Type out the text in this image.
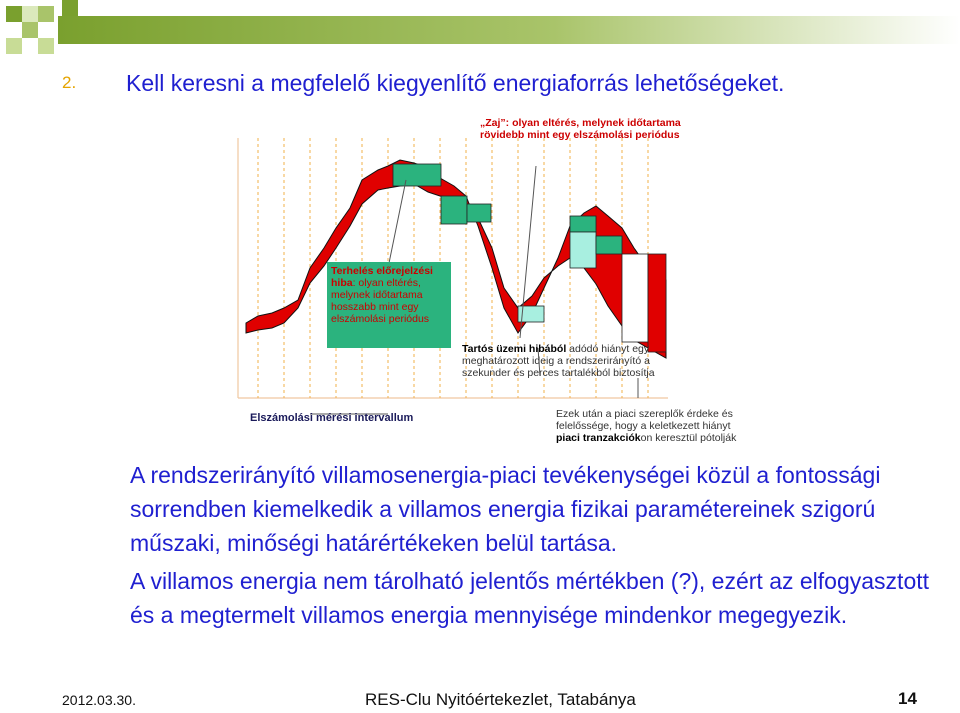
2.	Kell keresni a megfelelő kiegyenlítő energiaforrás lehetőségeket.
„Zaj”: olyan eltérés, melynek időtartama rövidebb mint egy elszámolási periódus
Terhelés előrejelzési hiba: olyan eltérés, melynek időtartama hosszabb mint egy elszámolási periódus
Tartós üzemi hibából adódó hiányt egy meghatározott ideig a rendszerirányító a szekunder és perces tartalékból biztosítja
Elszámolási mérési intervallum	Ezek után a piaci szereplők érdeke és felelőssége, hogy a keletkezett hiányt piaci tranzakciókon keresztül pótolják

A rendszerirányító villamosenergia-piaci tevékenységei közül a fontossági sorrendben kiemelkedik a villamos energia fizikai paramétereinek szigorú műszaki, minőségi határértékeken belül tartása.

A villamos energia nem tárolható jelentős mértékben (?), ezért az elfogyasztott és a megtermelt villamos energia mennyisége mindenkor megegyezik.

2012.03.30.	RES-Clu Nyitóértekezlet, Tatabánya	14
